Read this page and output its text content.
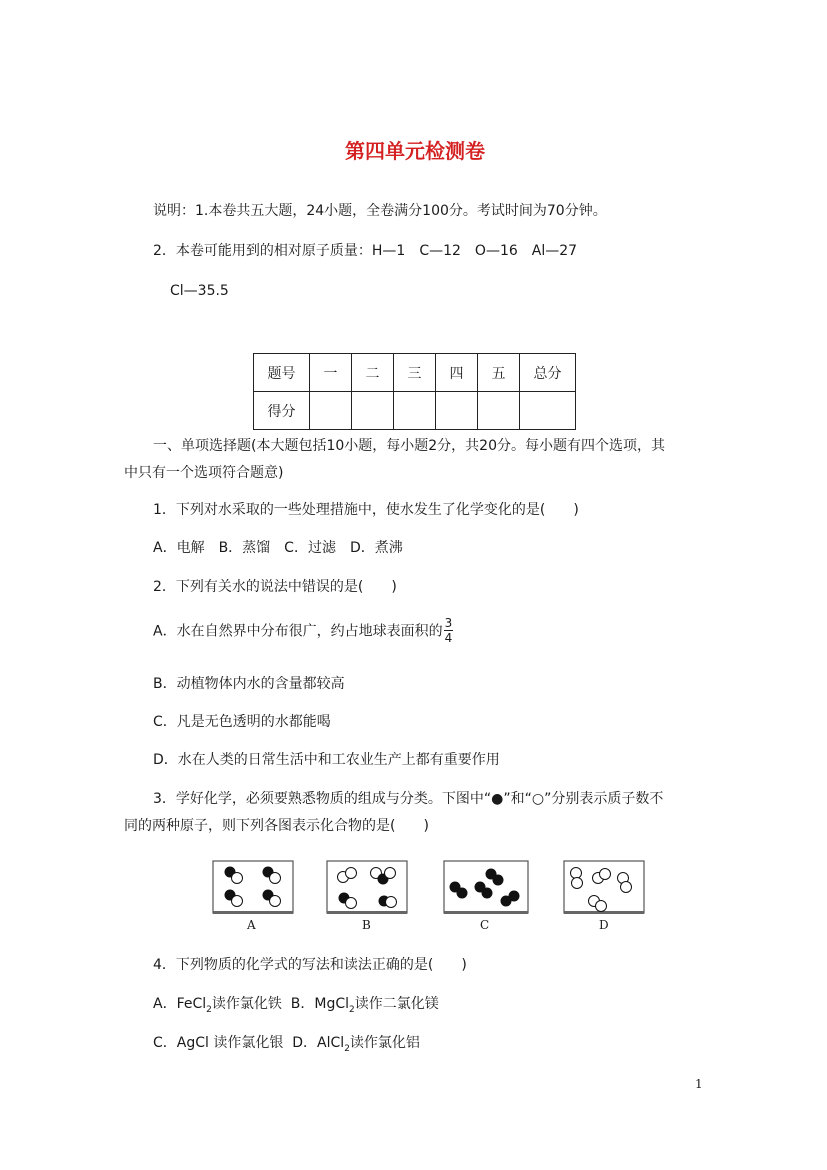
第四单元检测卷
说明：1.本卷共五大题，24小题，全卷满分100分。考试时间为70分钟。
2．本卷可能用到的相对原子质量：H—1　C—12　O—16　Al—27
Cl—35.5
题号	一	二	三	四	五	总分
得分						
一、单项选择题(本大题包括10小题，每小题2分，共20分。每小题有四个选项，其
中只有一个选项符合题意)
1．下列对水采取的一些处理措施中，使水发生了化学变化的是(　　)
A．电解　B．蒸馏　C．过滤　D．煮沸
2．下列有关水的说法中错误的是(　　)
A．水在自然界中分布很广，约占地球表面积的 $\frac{3}{4}$
B．动植物体内水的含量都较高
C．凡是无色透明的水都能喝
D．水在人类的日常生活中和工农业生产上都有重要作用
3．学好化学，必须要熟悉物质的组成与分类。下图中“●”和“○”分别表示质子数不
同的两种原子，则下列各图表示化合物的是(　　)
A	B	C	D
4．下列物质的化学式的写法和读法正确的是(　　)
A．FeCl$_2$读作氯化铁 B．MgCl$_2$读作二氯化镁
C．AgCl 读作氯化银 D．AlCl$_2$读作氯化铝
1
